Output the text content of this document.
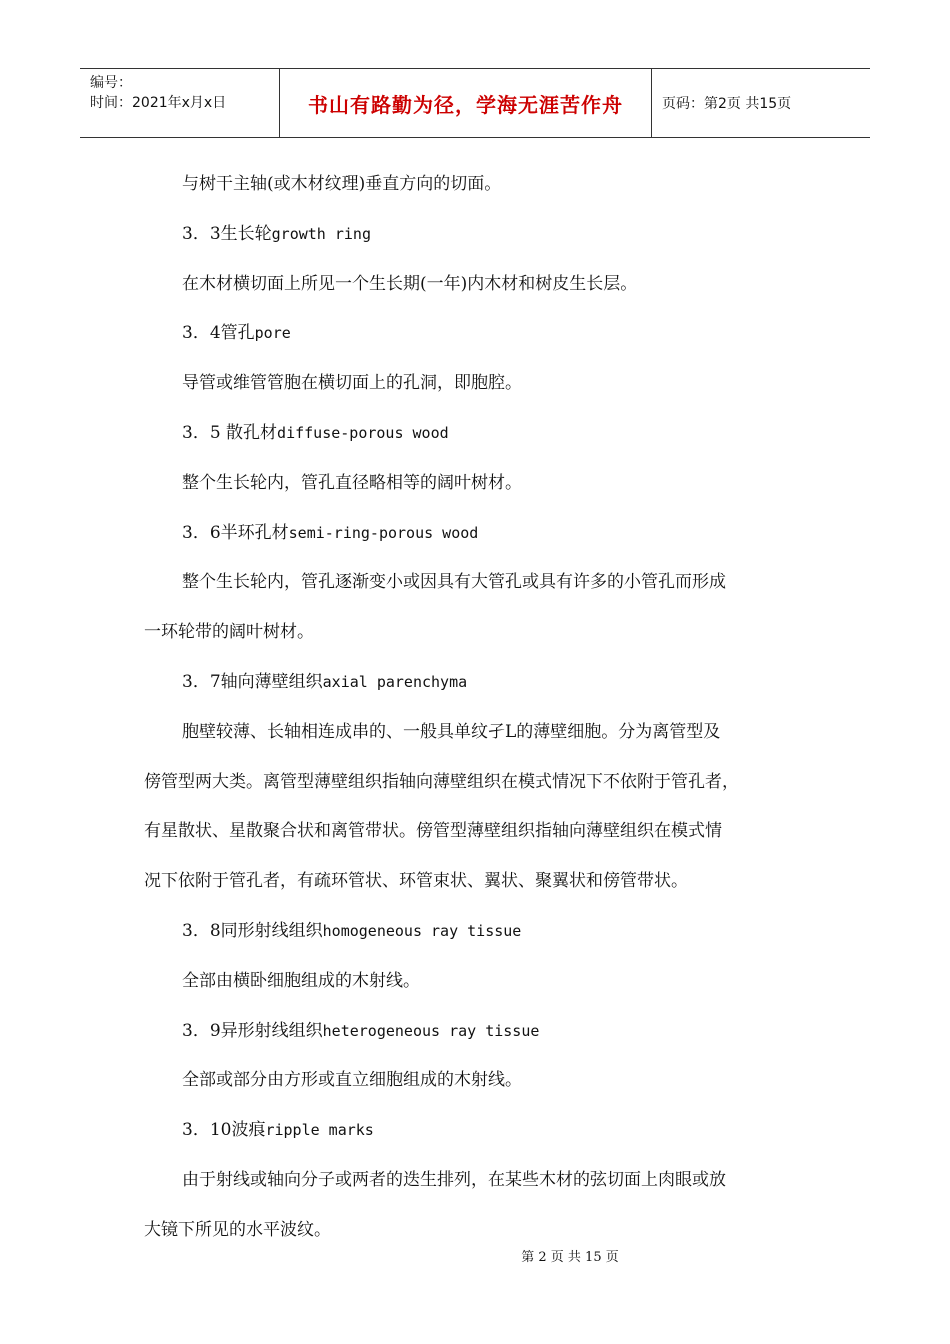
编号：
时间：2021年x月x日	书山有路勤为径，学海无涯苦作舟	页码：第2页 共15页
与树干主轴(或木材纹理)垂直方向的切面。
3．3生长轮growth ring
在木材横切面上所见一个生长期(一年)内木材和树皮生长层。
3．4管孔pore
导管或维管管胞在横切面上的孔洞，即胞腔。
3．5 散孔材diffuse-porous wood
整个生长轮内，管孔直径略相等的阔叶树材。
3．6半环孔材semi-ring-porous wood
整个生长轮内，管孔逐渐变小或因具有大管孔或具有许多的小管孔而形成
一环轮带的阔叶树材。
3．7轴向薄壁组织axial parenchyma
胞壁较薄、长轴相连成串的、一般具单纹孑L的薄壁细胞。分为离管型及
傍管型两大类。离管型薄壁组织指轴向薄壁组织在模式情况下不依附于管孔者，
有星散状、星散聚合状和离管带状。傍管型薄壁组织指轴向薄壁组织在模式情
况下依附于管孔者，有疏环管状、环管束状、翼状、聚翼状和傍管带状。
3．8同形射线组织homogeneous ray tissue
全部由横卧细胞组成的木射线。
3．9异形射线组织heterogeneous ray tissue
全部或部分由方形或直立细胞组成的木射线。
3．10波痕ripple marks
由于射线或轴向分子或两者的迭生排列，在某些木材的弦切面上肉眼或放
大镜下所见的水平波纹。
第 2 页 共 15 页
